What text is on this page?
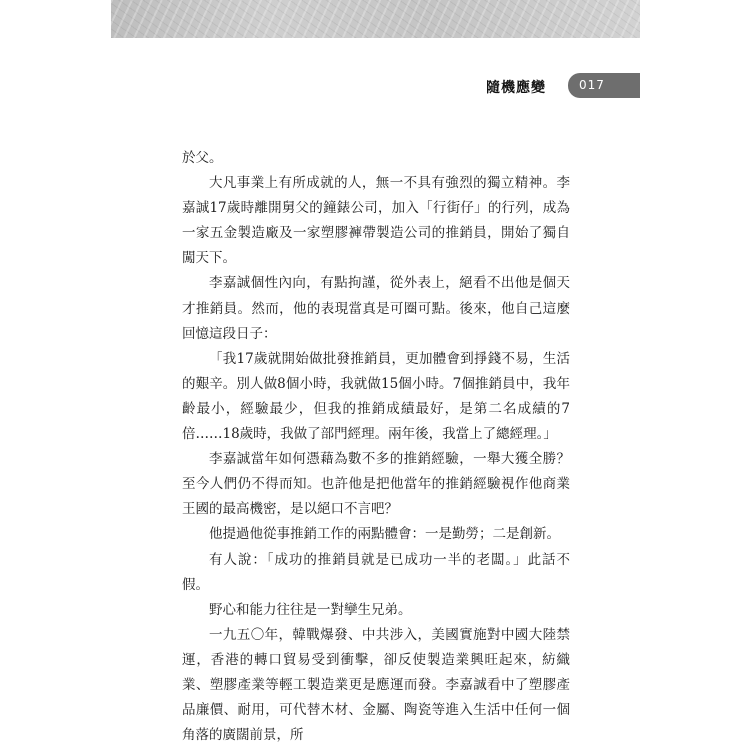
隨機應變	017

於父。

大凡事業上有所成就的人，無一不具有強烈的獨立精神。李嘉誠17歲時離開舅父的鐘錶公司，加入「行街仔」的行列，成為一家五金製造廠及一家塑膠褲帶製造公司的推銷員，開始了獨自闖天下。

李嘉誠個性內向，有點拘謹，從外表上，絕看不出他是個天才推銷員。然而，他的表現當真是可圈可點。後來，他自己這麼回憶這段日子：

「我17歲就開始做批發推銷員，更加體會到掙錢不易，生活的艱辛。別人做8個小時，我就做15個小時。7個推銷員中，我年齡最小，經驗最少，但我的推銷成績最好，是第二名成績的7倍……18歲時，我做了部門經理。兩年後，我當上了總經理。」

李嘉誠當年如何憑藉為數不多的推銷經驗，一舉大獲全勝？至今人們仍不得而知。也許他是把他當年的推銷經驗視作他商業王國的最高機密，是以絕口不言吧？

他提過他從事推銷工作的兩點體會：一是勤勞；二是創新。

有人說：「成功的推銷員就是已成功一半的老闆。」此話不假。

野心和能力往往是一對孿生兄弟。

一九五〇年，韓戰爆發、中共涉入，美國實施對中國大陸禁運，香港的轉口貿易受到衝擊，卻反使製造業興旺起來，紡織業、塑膠產業等輕工製造業更是應運而發。李嘉誠看中了塑膠產品廉價、耐用，可代替木材、金屬、陶瓷等進入生活中任何一個角落的廣闊前景，所
